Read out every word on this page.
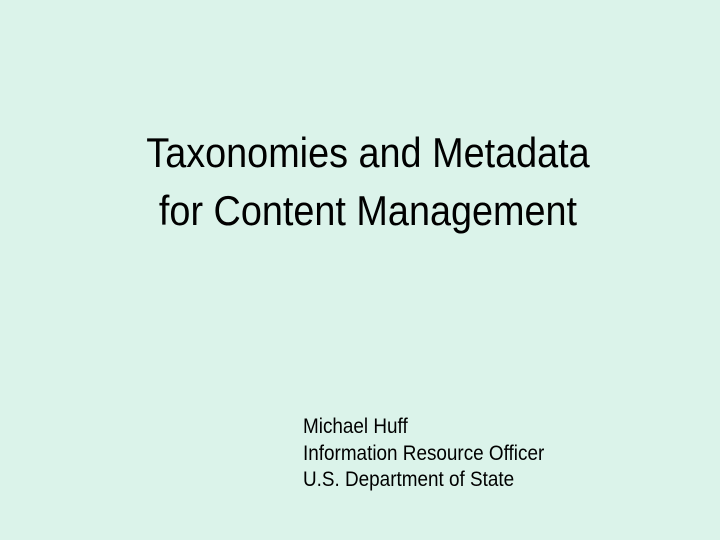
Taxonomies and Metadata
for Content Management
Michael Huff
Information Resource Officer
U.S. Department of State
